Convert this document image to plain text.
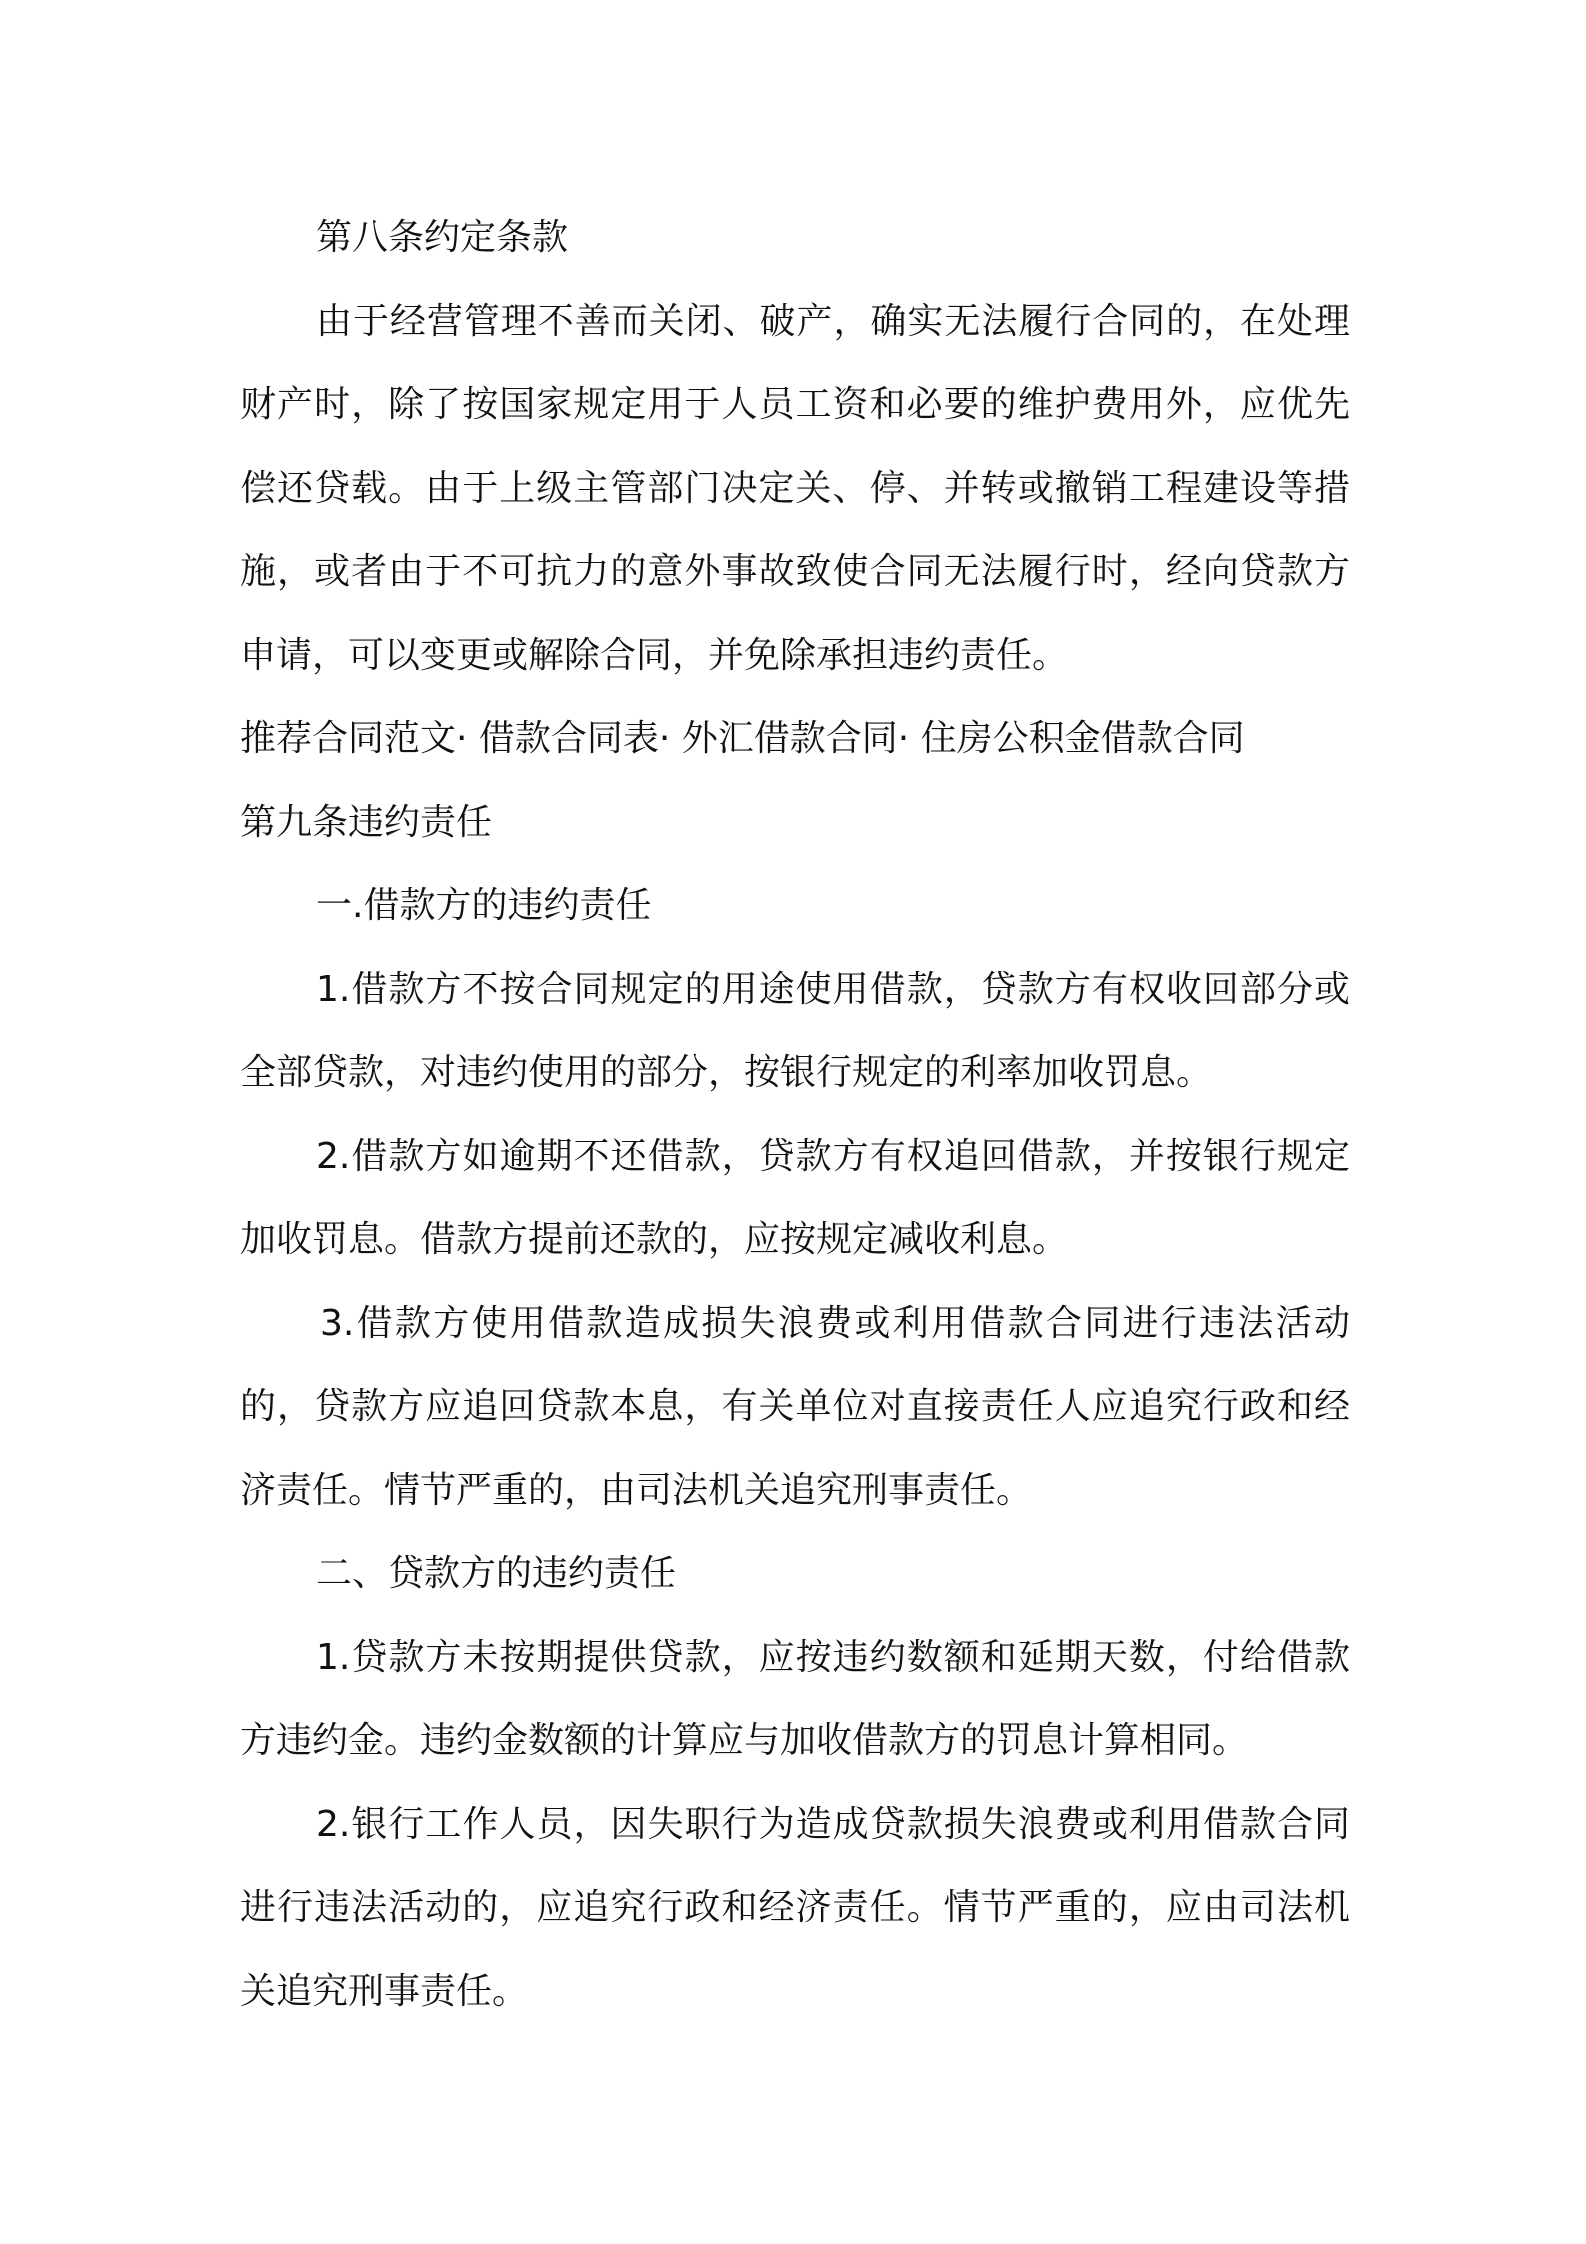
第八条约定条款

由于经营管理不善而关闭、破产，确实无法履行合同的，在处理财产时，除了按国家规定用于人员工资和必要的维护费用外，应优先偿还贷载。由于上级主管部门决定关、停、并转或撤销工程建设等措施，或者由于不可抗力的意外事故致使合同无法履行时，经向贷款方申请，可以变更或解除合同，并免除承担违约责任。

推荐合同范文· 借款合同表· 外汇借款合同· 住房公积金借款合同

第九条违约责任

一.借款方的违约责任

1.借款方不按合同规定的用途使用借款，贷款方有权收回部分或全部贷款，对违约使用的部分，按银行规定的利率加收罚息。

2.借款方如逾期不还借款，贷款方有权追回借款，并按银行规定加收罚息。借款方提前还款的，应按规定减收利息。

3.借款方使用借款造成损失浪费或利用借款合同进行违法活动的，贷款方应追回贷款本息，有关单位对直接责任人应追究行政和经济责任。情节严重的，由司法机关追究刑事责任。

二、贷款方的违约责任

1.贷款方未按期提供贷款，应按违约数额和延期天数，付给借款方违约金。违约金数额的计算应与加收借款方的罚息计算相同。

2.银行工作人员，因失职行为造成贷款损失浪费或利用借款合同进行违法活动的，应追究行政和经济责任。情节严重的，应由司法机关追究刑事责任。
